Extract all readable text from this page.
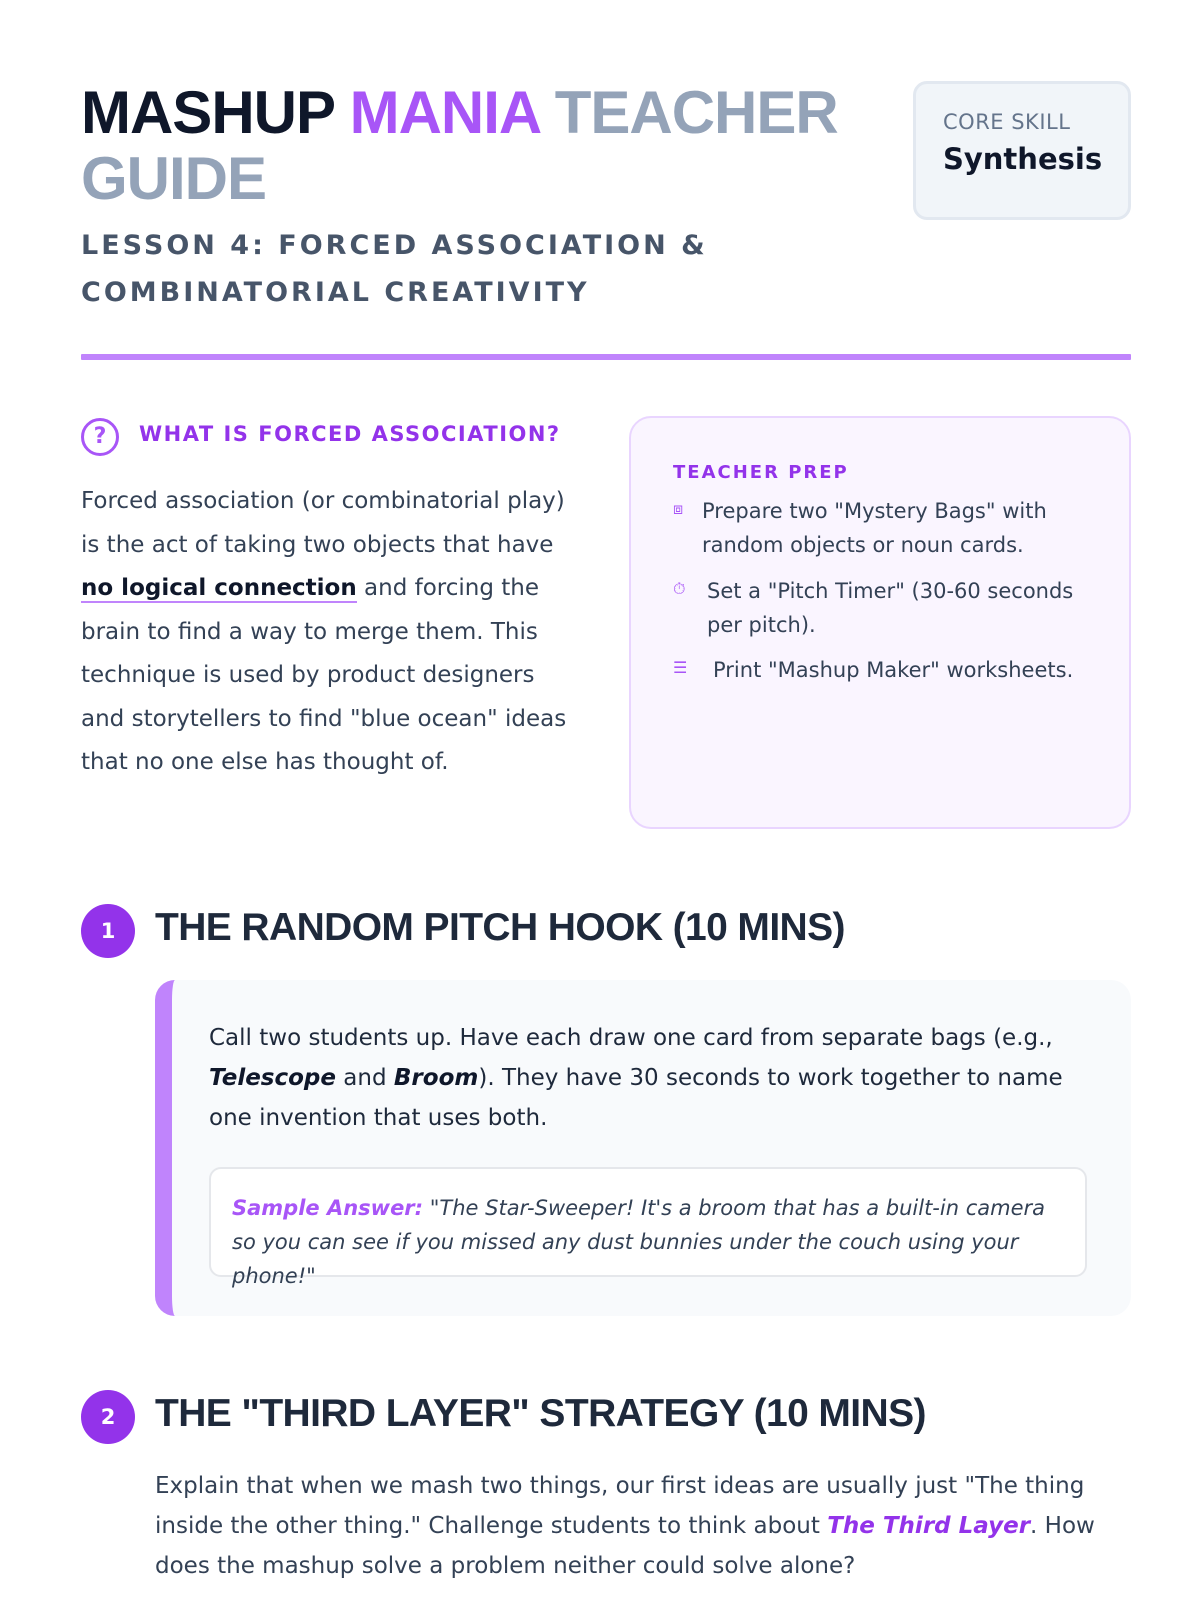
MASHUP MANIA TEACHER GUIDE
LESSON 4: FORCED ASSOCIATION & COMBINATORIAL CREATIVITY
CORE SKILL
Synthesis
?	WHAT IS FORCED ASSOCIATION?

Forced association (or combinatorial play) is the act of taking two objects that have no logical connection and forcing the brain to find a way to merge them. This technique is used by product designers and storytellers to find "blue ocean" ideas that no one else has thought of.

TEACHER PREP
⧈ Prepare two "Mystery Bags" with random objects or noun cards.
⏱	Set a "Pitch Timer" (30-60 seconds per pitch).
☰	Print "Mashup Maker" worksheets.
1	THE RANDOM PITCH HOOK (10 MINS)

Call two students up. Have each draw one card from separate bags (e.g., Telescope and Broom). They have 30 seconds to work together to name one invention that uses both.

Sample Answer: "The Star-Sweeper! It's a broom that has a built-in camera so you can see if you missed any dust bunnies under the couch using your phone!"
2	THE "THIRD LAYER" STRATEGY (10 MINS)

Explain that when we mash two things, our first ideas are usually just "The thing inside the other thing." Challenge students to think about The Third Layer. How does the mashup solve a problem neither could solve alone?
